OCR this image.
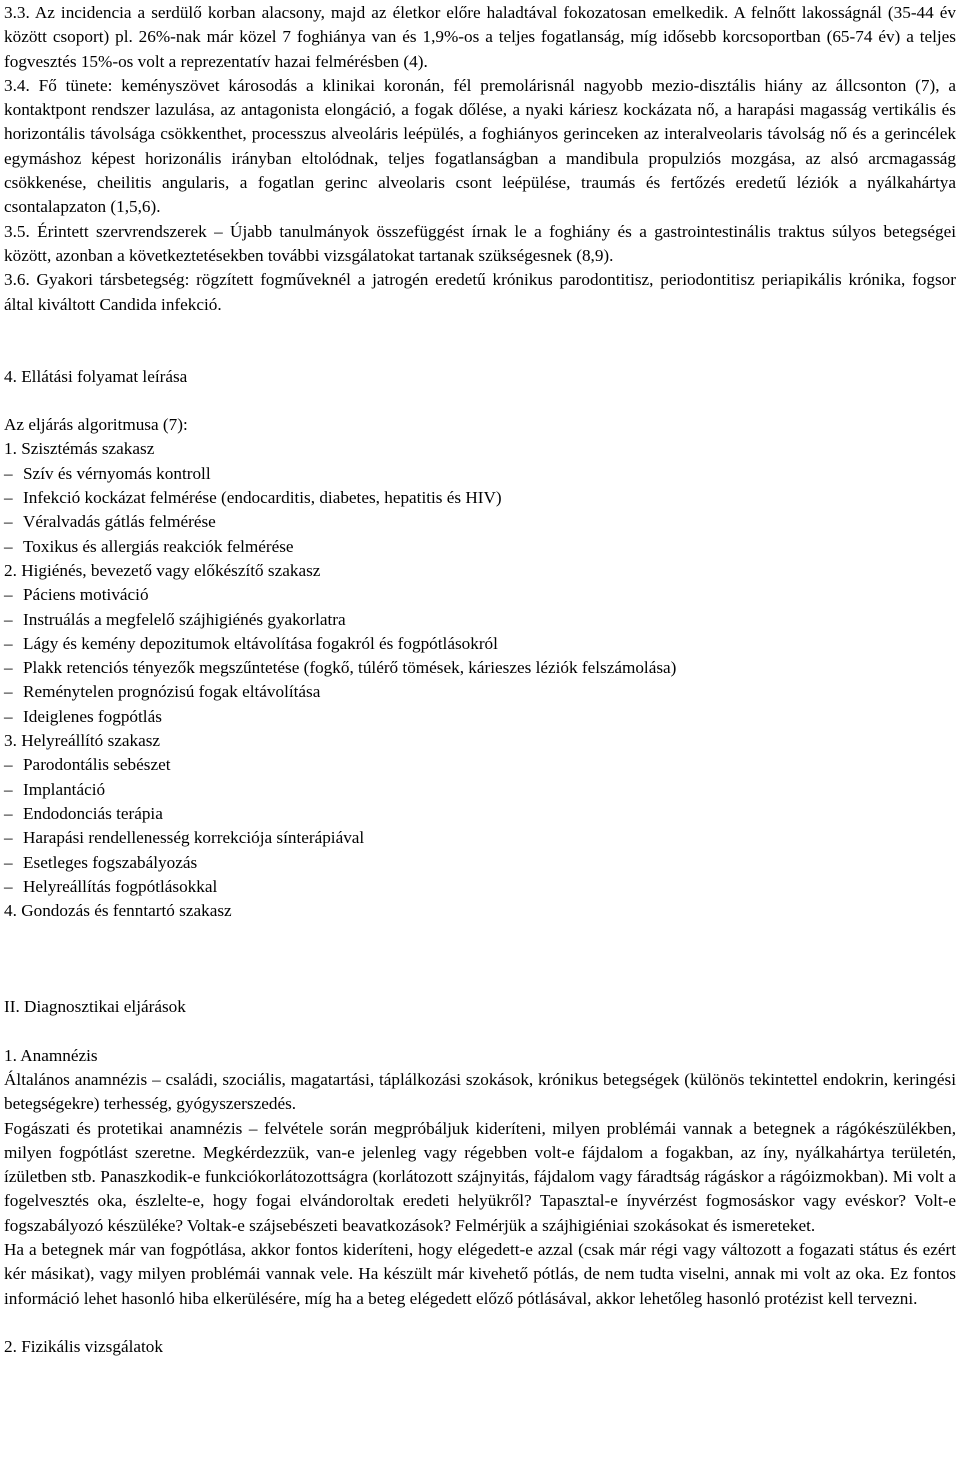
3.3. Az incidencia a serdülő korban alacsony, majd az életkor előre haladtával fokozatosan emelkedik. A felnőtt lakosságnál (35-44 év között csoport) pl. 26%-nak már közel 7 foghiánya van és 1,9%-os a teljes fogatlanság, míg idősebb korcsoportban (65-74 év) a teljes fogvesztés 15%-os volt a reprezentatív hazai felmérésben (4).

3.4. Fő tünete: keményszövet károsodás a klinikai koronán, fél premolárisnál nagyobb mezio-disztális hiány az állcsonton (7), a kontaktpont rendszer lazulása, az antagonista elongáció, a fogak dőlése, a nyaki káriesz kockázata nő, a harapási magasság vertikális és horizontális távolsága csökkenthet, processzus alveoláris leépülés, a foghiányos gerinceken az interalveolaris távolság nő és a gerincélek egymáshoz képest horizonális irányban eltolódnak, teljes fogatlanságban a mandibula propulziós mozgása, az alsó arcmagasság csökkenése, cheilitis angularis, a fogatlan gerinc alveolaris csont leépülése, traumás és fertőzés eredetű léziók a nyálkahártya csontalapzaton (1,5,6).

3.5. Érintett szervrendszerek – Újabb tanulmányok összefüggést írnak le a foghiány és a gastrointestinális traktus súlyos betegségei között, azonban a következtetésekben további vizsgálatokat tartanak szükségesnek (8,9).

3.6. Gyakori társbetegség: rögzített fogműveknél a jatrogén eredetű krónikus parodontitisz, periodontitisz periapikális krónika, fogsor által kiváltott Candida infekció.

4. Ellátási folyamat leírása
Az eljárás algoritmusa (7):
1. Szisztémás szakasz
– Szív és vérnyomás kontroll
– Infekció kockázat felmérése (endocarditis, diabetes, hepatitis és HIV)
– Véralvadás gátlás felmérése
– Toxikus és allergiás reakciók felmérése
2. Higiénés, bevezető vagy előkészítő szakasz
– Páciens motiváció
– Instruálás a megfelelő szájhigiénés gyakorlatra
– Lágy és kemény depozitumok eltávolítása fogakról és fogpótlásokról
– Plakk retenciós tényezők megszűntetése (fogkő, túlérő tömések, kárieszes léziók felszámolása)
– Reménytelen prognózisú fogak eltávolítása
– Ideiglenes fogpótlás
3. Helyreállító szakasz
– Parodontális sebészet
– Implantáció
– Endodonciás terápia
– Harapási rendellenesség korrekciója sínterápiával
– Esetleges fogszabályozás
– Helyreállítás fogpótlásokkal
4. Gondozás és fenntartó szakasz
II. Diagnosztikai eljárások
1. Anamnézis

Általános anamnézis – családi, szociális, magatartási, táplálkozási szokások, krónikus betegségek (különös tekintettel endokrin, keringési betegségekre) terhesség, gyógyszerszedés.

Fogászati és protetikai anamnézis – felvétele során megpróbáljuk kideríteni, milyen problémái vannak a betegnek a rágókészülékben, milyen fogpótlást szeretne. Megkérdezzük, van-e jelenleg vagy régebben volt-e fájdalom a fogakban, az íny, nyálkahártya területén, ízületben stb. Panaszkodik-e funkciókorlátozottságra (korlátozott szájnyitás, fájdalom vagy fáradtság rágáskor a rágóizmokban). Mi volt a fogelvesztés oka, észlelte-e, hogy fogai elvándoroltak eredeti helyükről? Tapasztal-e ínyvérzést fogmosáskor vagy evéskor? Volt-e fogszabályozó készüléke? Voltak-e szájsebészeti beavatkozások? Felmérjük a szájhigiéniai szokásokat és ismereteket.

Ha a betegnek már van fogpótlása, akkor fontos kideríteni, hogy elégedett-e azzal (csak már régi vagy változott a fogazati státus és ezért kér másikat), vagy milyen problémái vannak vele. Ha készült már kivehető pótlás, de nem tudta viselni, annak mi volt az oka. Ez fontos információ lehet hasonló hiba elkerülésére, míg ha a beteg elégedett előző pótlásával, akkor lehetőleg hasonló protézist kell tervezni.

2. Fizikális vizsgálatok
